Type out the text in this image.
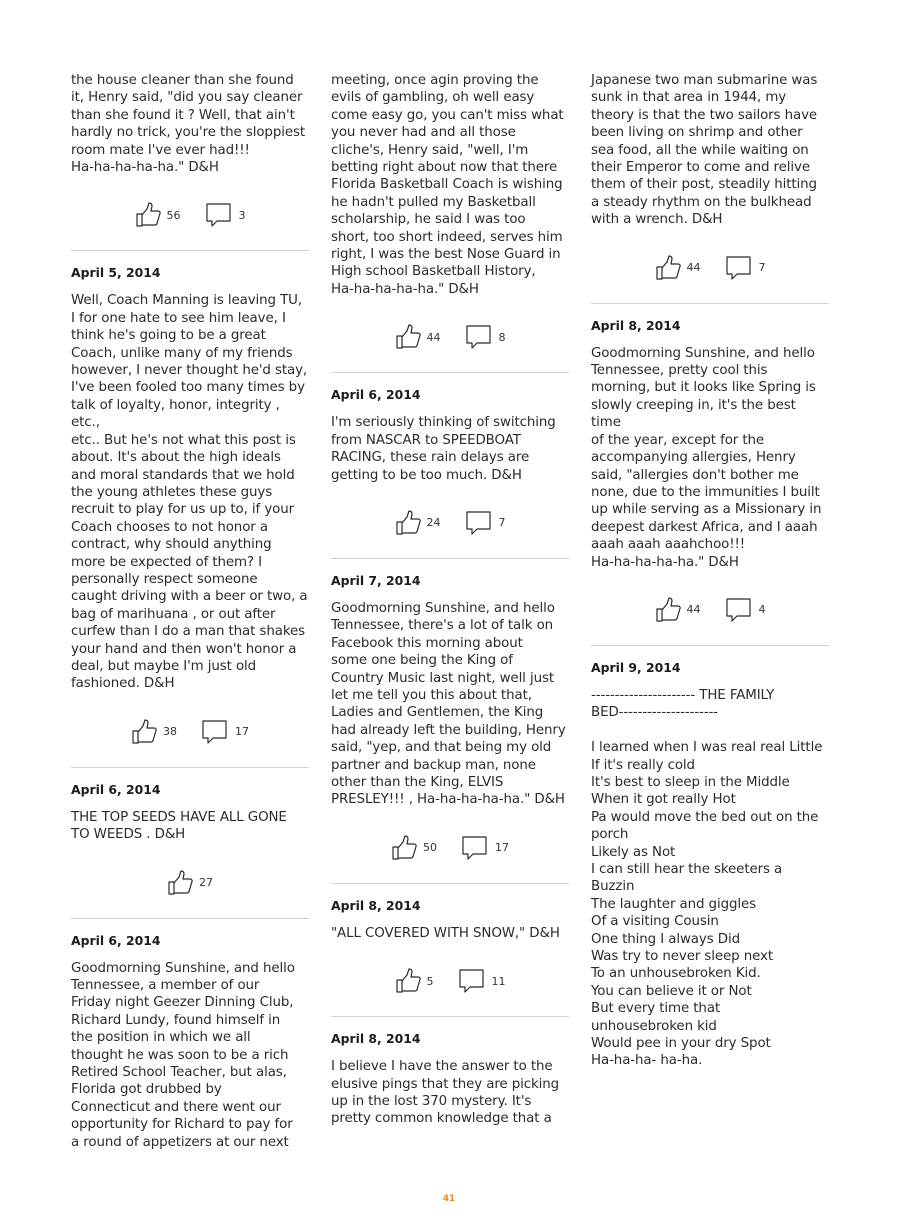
the house cleaner than she found
it, Henry said, "did you say cleaner
than she found it ? Well, that ain't
hardly no trick, you're the sloppiest
room mate I've ever had!!!
Ha-ha-ha-ha-ha." D&H

56	3

April 5, 2014

Well, Coach Manning is leaving TU,
I for one hate to see him leave, I
think he's going to be a great
Coach, unlike many of my friends
however, I never thought he'd stay,
I've been fooled too many times by
talk of loyalty, honor, integrity , etc.,
etc.. But he's not what this post is
about. It's about the high ideals
and moral standards that we hold
the young athletes these guys
recruit to play for us up to, if your
Coach chooses to not honor a
contract, why should anything
more be expected of them? I
personally respect someone
caught driving with a beer or two, a
bag of marihuana , or out after
curfew than I do a man that shakes
your hand and then won't honor a
deal, but maybe I'm just old
fashioned. D&H

38	17

April 6, 2014

THE TOP SEEDS HAVE ALL GONE
TO WEEDS . D&H

27

April 6, 2014

Goodmorning Sunshine, and hello
Tennessee, a member of our
Friday night Geezer Dinning Club,
Richard Lundy, found himself in
the position in which we all
thought he was soon to be a rich
Retired School Teacher, but alas,
Florida got drubbed by
Connecticut and there went our
opportunity for Richard to pay for
a round of appetizers at our next

meeting, once agin proving the
evils of gambling, oh well easy
come easy go, you can't miss what
you never had and all those
cliche's, Henry said, "well, I'm
betting right about now that there
Florida Basketball Coach is wishing
he hadn't pulled my Basketball
scholarship, he said I was too
short, too short indeed, serves him
right, I was the best Nose Guard in
High school Basketball History,
Ha-ha-ha-ha-ha." D&H

44	8

April 6, 2014

I'm seriously thinking of switching
from NASCAR to SPEEDBOAT
RACING, these rain delays are
getting to be too much. D&H

24	7

April 7, 2014

Goodmorning Sunshine, and hello
Tennessee, there's a lot of talk on
Facebook this morning about
some one being the King of
Country Music last night, well just
let me tell you this about that,
Ladies and Gentlemen, the King
had already left the building, Henry
said, "yep, and that being my old
partner and backup man, none
other than the King, ELVIS
PRESLEY!!! , Ha-ha-ha-ha-ha." D&H

50	17

April 8, 2014

"ALL COVERED WITH SNOW," D&H

5	11

April 8, 2014

I believe I have the answer to the
elusive pings that they are picking
up in the lost 370 mystery. It's
pretty common knowledge that a

Japanese two man submarine was
sunk in that area in 1944, my
theory is that the two sailors have
been living on shrimp and other
sea food, all the while waiting on
their Emperor to come and relive
them of their post, steadily hitting
a steady rhythm on the bulkhead
with a wrench. D&H

44	7

April 8, 2014

Goodmorning Sunshine, and hello
Tennessee, pretty cool this
morning, but it looks like Spring is
slowly creeping in, it's the best time
of the year, except for the
accompanying allergies, Henry
said, "allergies don't bother me
none, due to the immunities I built
up while serving as a Missionary in
deepest darkest Africa, and I aaah
aaah aaah aaahchoo!!!
Ha-ha-ha-ha-ha." D&H

44	4

April 9, 2014

---------------------- THE FAMILY
BED---------------------

I learned when I was real real Little
If it's really cold
It's best to sleep in the Middle
When it got really Hot
Pa would move the bed out on the
porch
Likely as Not
I can still hear the skeeters a
Buzzin
The laughter and giggles
Of a visiting Cousin
One thing I always Did
Was try to never sleep next
To an unhousebroken Kid.
You can believe it or Not
But every time that
unhousebroken kid
Would pee in your dry Spot
Ha-ha-ha- ha-ha.

41
